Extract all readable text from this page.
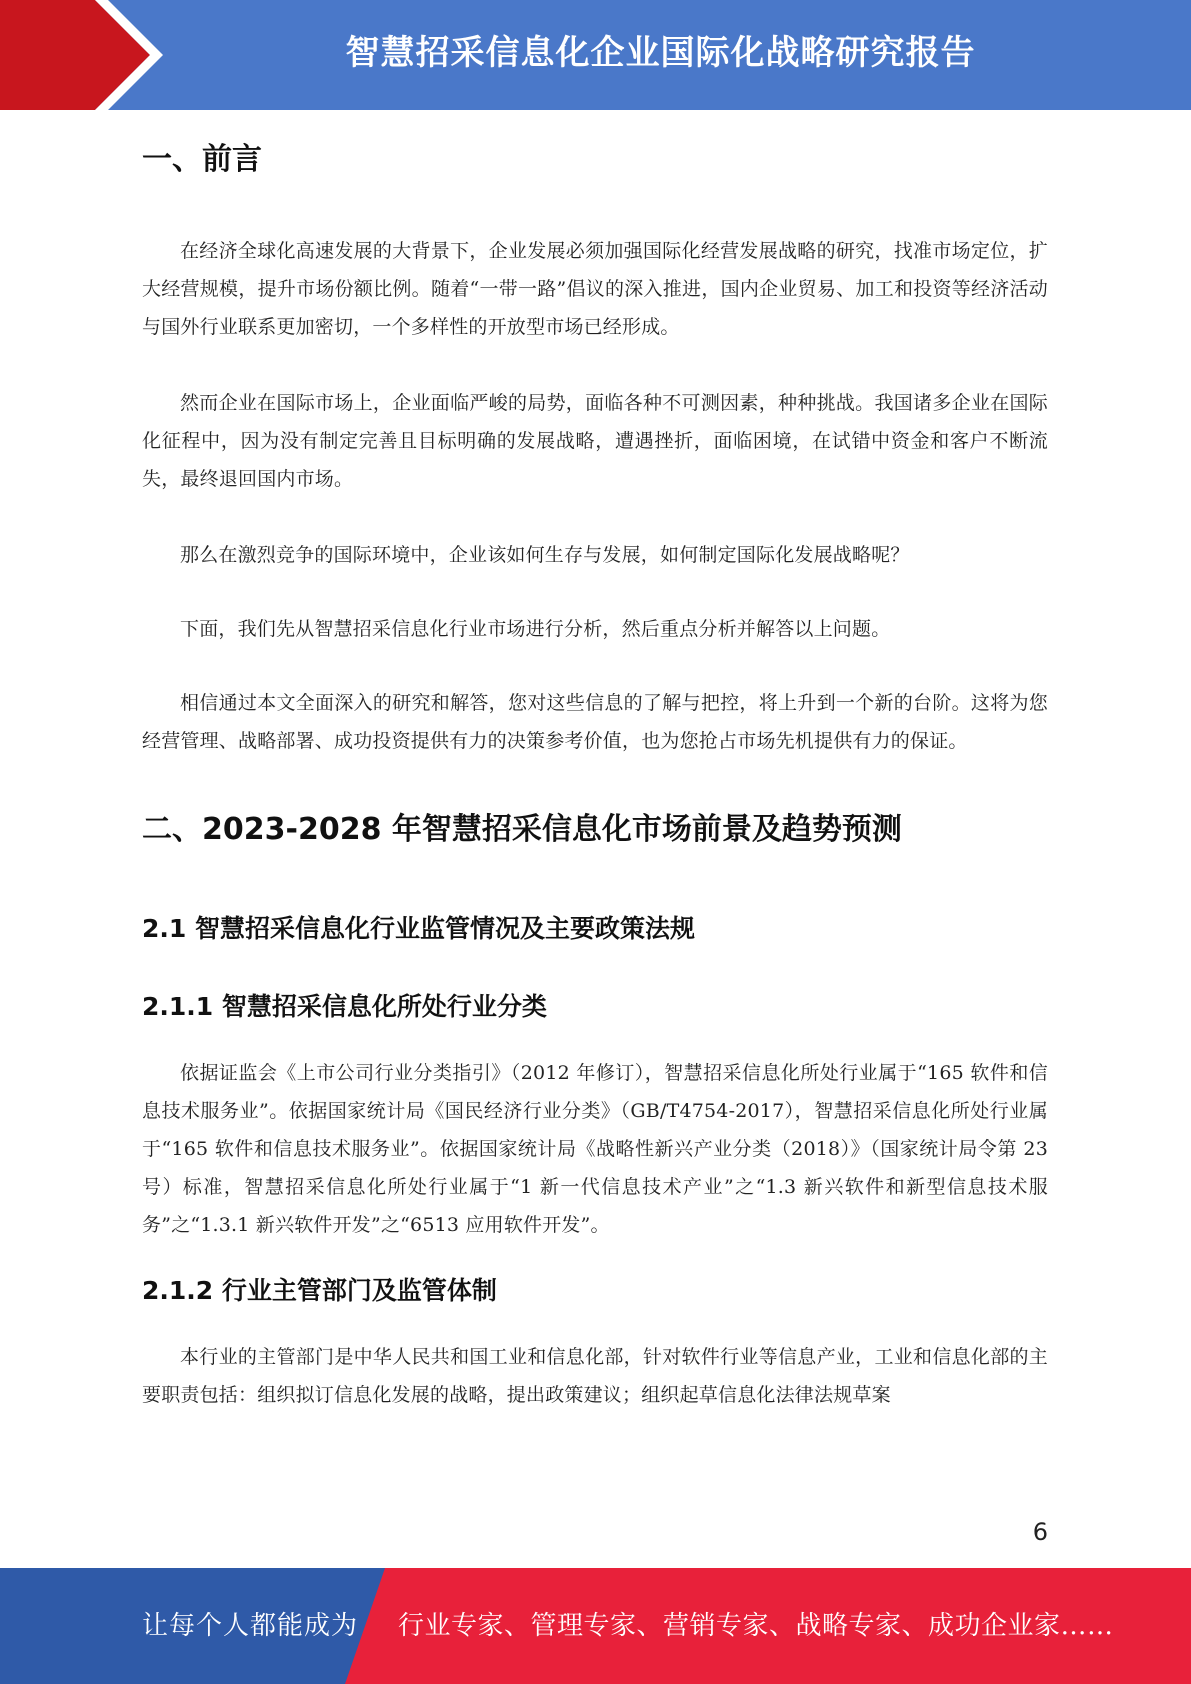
智慧招采信息化企业国际化战略研究报告
一、前言

在经济全球化高速发展的大背景下，企业发展必须加强国际化经营发展战略的研究，找准市场定位，扩大经营规模，提升市场份额比例。随着“一带一路”倡议的深入推进，国内企业贸易、加工和投资等经济活动与国外行业联系更加密切，一个多样性的开放型市场已经形成。

然而企业在国际市场上，企业面临严峻的局势，面临各种不可测因素，种种挑战。我国诸多企业在国际化征程中，因为没有制定完善且目标明确的发展战略，遭遇挫折，面临困境，在试错中资金和客户不断流失，最终退回国内市场。

那么在激烈竞争的国际环境中，企业该如何生存与发展，如何制定国际化发展战略呢？

下面，我们先从智慧招采信息化行业市场进行分析，然后重点分析并解答以上问题。

相信通过本文全面深入的研究和解答，您对这些信息的了解与把控，将上升到一个新的台阶。这将为您经营管理、战略部署、成功投资提供有力的决策参考价值，也为您抢占市场先机提供有力的保证。

二、2023-2028 年智慧招采信息化市场前景及趋势预测
2.1 智慧招采信息化行业监管情况及主要政策法规
2.1.1 智慧招采信息化所处行业分类

依据证监会《上市公司行业分类指引》（2012 年修订），智慧招采信息化所处行业属于“165 软件和信息技术服务业”。依据国家统计局《国民经济行业分类》（GB/T4754-2017），智慧招采信息化所处行业属于“165 软件和信息技术服务业”。依据国家统计局《战略性新兴产业分类（2018）》（国家统计局令第 23 号）标准，智慧招采信息化所处行业属于“1 新一代信息技术产业”之“1.3 新兴软件和新型信息技术服务”之“1.3.1 新兴软件开发”之“6513 应用软件开发”。

2.1.2 行业主管部门及监管体制

本行业的主管部门是中华人民共和国工业和信息化部，针对软件行业等信息产业，工业和信息化部的主要职责包括：组织拟订信息化发展的战略，提出政策建议；组织起草信息化法律法规草案

6
让每个人都能成为 行业专家、管理专家、营销专家、战略专家、成功企业家……
